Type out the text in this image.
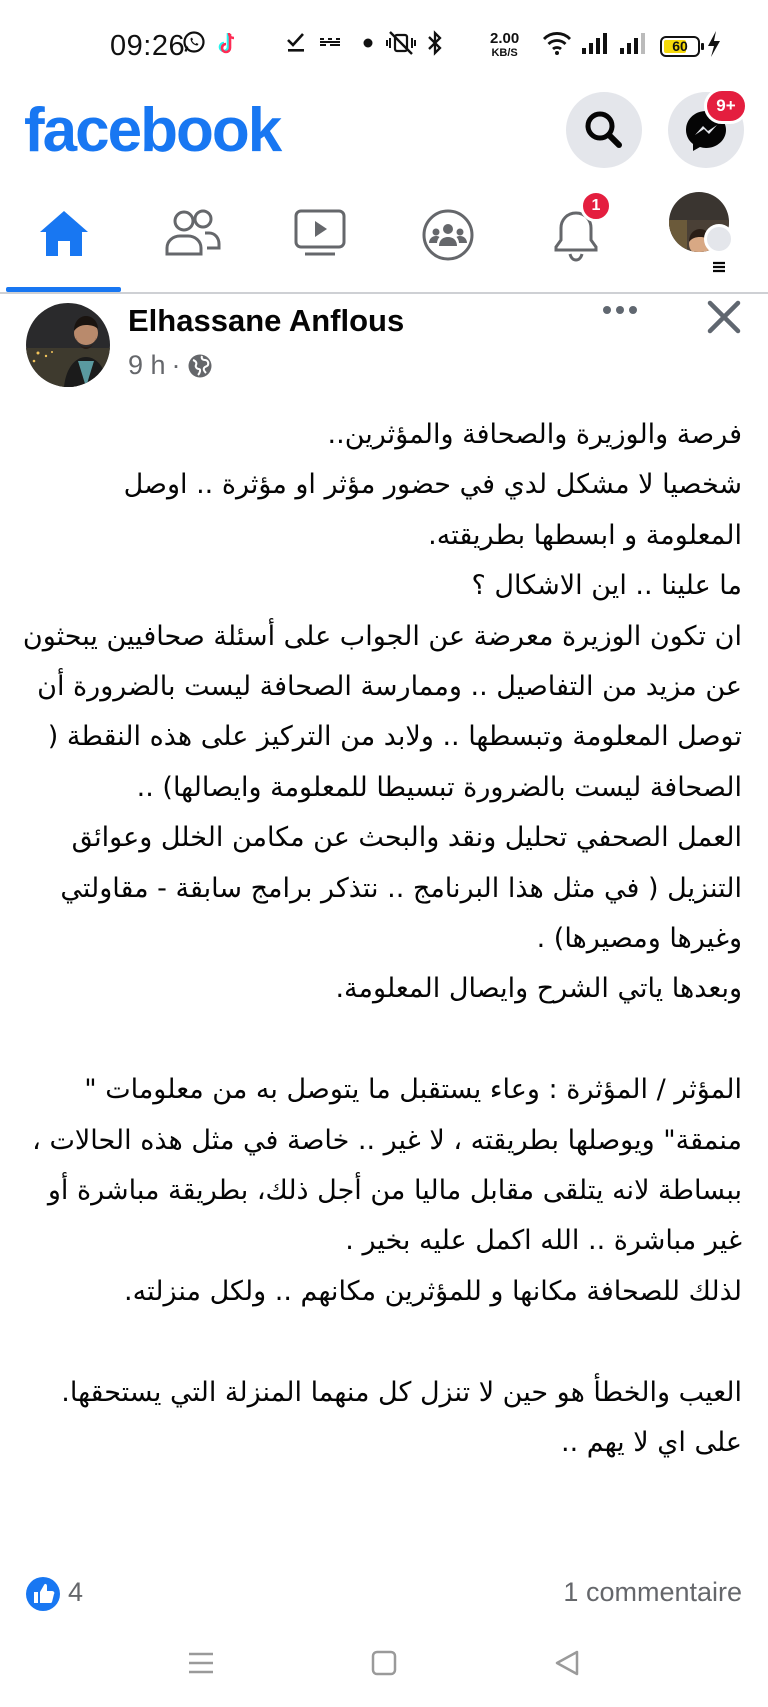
09:26	2.00
KB/S	60
facebook	9+
1
Elhassane Anflous
9 h ·

فرصة والوزيرة والصحافة والمؤثرين..

شخصيا لا مشكل لدي في حضور مؤثر او مؤثرة .. اوصل المعلومة و ابسطها بطريقته.

ما علينا .. اين الاشكال ؟

ان تكون الوزيرة معرضة عن الجواب على أسئلة صحافيين يبحثون عن مزيد من التفاصيل .. وممارسة الصحافة ليست بالضرورة أن توصل المعلومة وتبسطها .. ولابد من التركيز على هذه النقطة ( الصحافة ليست بالضرورة تبسيطا للمعلومة وايصالها) ..

العمل الصحفي تحليل ونقد والبحث عن مكامن الخلل وعوائق التنزيل ( في مثل هذا البرنامج .. نتذكر برامج سابقة - مقاولتي وغيرها ومصيرها) .

وبعدها ياتي الشرح وايصال المعلومة.

المؤثر / المؤثرة : وعاء يستقبل ما يتوصل به من معلومات " منمقة" ويوصلها بطريقته ، لا غير .. خاصة في مثل هذه الحالات ، ببساطة لانه يتلقى مقابل ماليا من أجل ذلك، بطريقة مباشرة أو غير مباشرة .. الله اكمل عليه بخير .

لذلك للصحافة مكانها و للمؤثرين مكانهم .. ولكل منزلته.

العيب والخطأ هو حين لا تنزل كل منهما المنزلة التي يستحقها.

على اي لا يهم ..

4	1 commentaire
